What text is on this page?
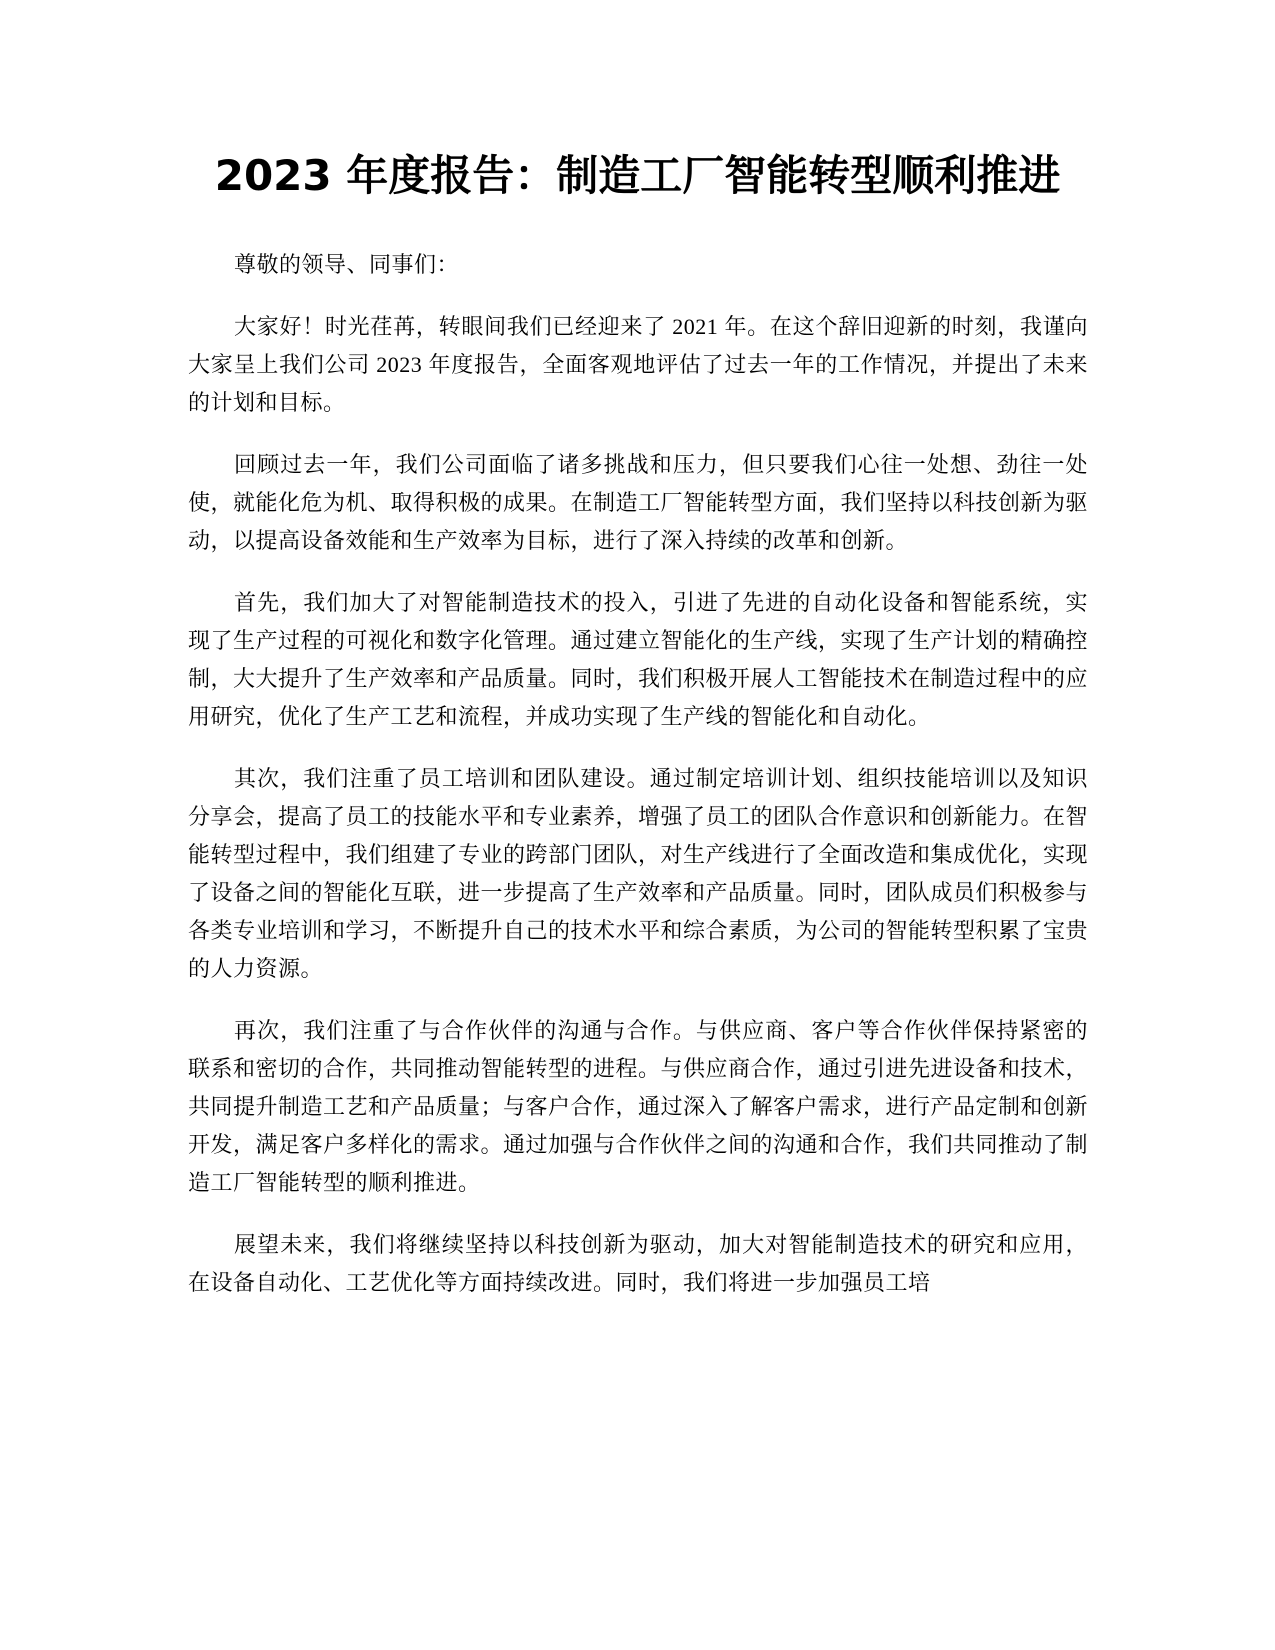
2023 年度报告：制造工厂智能转型顺利推进

尊敬的领导、同事们：

大家好！时光荏苒，转眼间我们已经迎来了 2021 年。在这个辞旧迎新的时刻，我谨向大家呈上我们公司 2023 年度报告，全面客观地评估了过去一年的工作情况，并提出了未来的计划和目标。

回顾过去一年，我们公司面临了诸多挑战和压力，但只要我们心往一处想、劲往一处使，就能化危为机、取得积极的成果。在制造工厂智能转型方面，我们坚持以科技创新为驱动，以提高设备效能和生产效率为目标，进行了深入持续的改革和创新。

首先，我们加大了对智能制造技术的投入，引进了先进的自动化设备和智能系统，实现了生产过程的可视化和数字化管理。通过建立智能化的生产线，实现了生产计划的精确控制，大大提升了生产效率和产品质量。同时，我们积极开展人工智能技术在制造过程中的应用研究，优化了生产工艺和流程，并成功实现了生产线的智能化和自动化。

其次，我们注重了员工培训和团队建设。通过制定培训计划、组织技能培训以及知识分享会，提高了员工的技能水平和专业素养，增强了员工的团队合作意识和创新能力。在智能转型过程中，我们组建了专业的跨部门团队，对生产线进行了全面改造和集成优化，实现了设备之间的智能化互联，进一步提高了生产效率和产品质量。同时，团队成员们积极参与各类专业培训和学习，不断提升自己的技术水平和综合素质，为公司的智能转型积累了宝贵的人力资源。

再次，我们注重了与合作伙伴的沟通与合作。与供应商、客户等合作伙伴保持紧密的联系和密切的合作，共同推动智能转型的进程。与供应商合作，通过引进先进设备和技术，共同提升制造工艺和产品质量；与客户合作，通过深入了解客户需求，进行产品定制和创新开发，满足客户多样化的需求。通过加强与合作伙伴之间的沟通和合作，我们共同推动了制造工厂智能转型的顺利推进。

展望未来，我们将继续坚持以科技创新为驱动，加大对智能制造技术的研究和应用，在设备自动化、工艺优化等方面持续改进。同时，我们将进一步加强员工培
